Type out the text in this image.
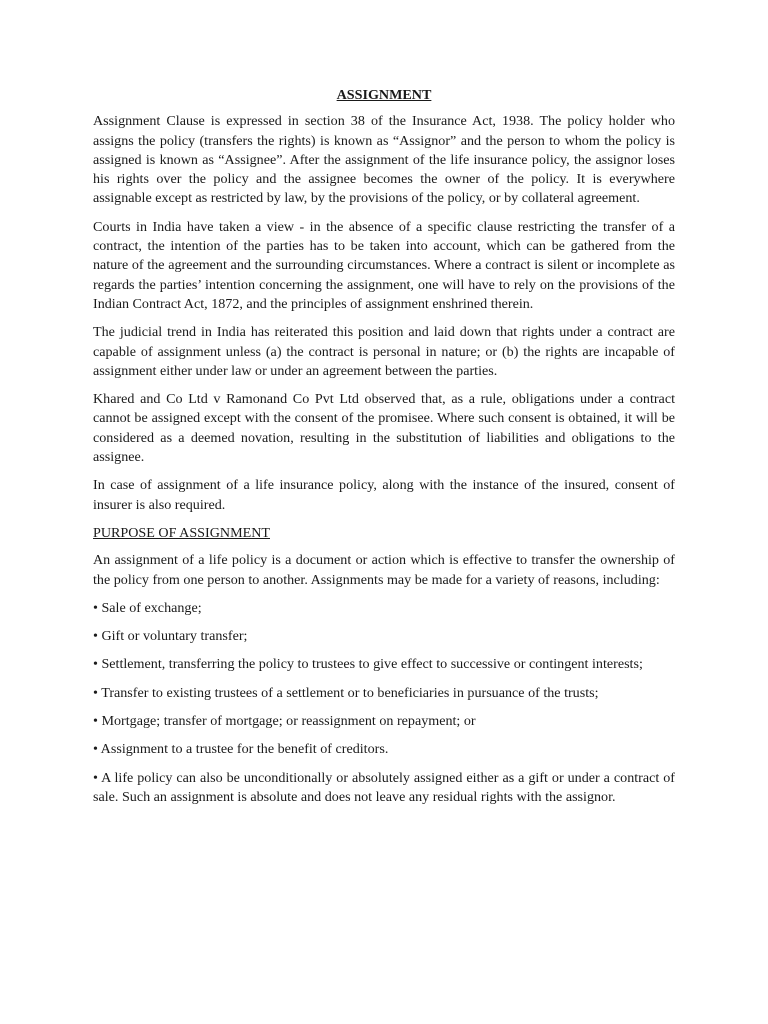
ASSIGNMENT

Assignment Clause is expressed in section 38 of the Insurance Act, 1938. The policy holder who assigns the policy (transfers the rights) is known as “Assignor” and the person to whom the policy is assigned is known as “Assignee”. After the assignment of the life insurance policy, the assignor loses his rights over the policy and the assignee becomes the owner of the policy. It is everywhere assignable except as restricted by law, by the provisions of the policy, or by collateral agreement.

Courts in India have taken a view - in the absence of a specific clause restricting the transfer of a contract, the intention of the parties has to be taken into account, which can be gathered from the nature of the agreement and the surrounding circumstances. Where a contract is silent or incomplete as regards the parties’ intention concerning the assignment, one will have to rely on the provisions of the Indian Contract Act, 1872, and the principles of assignment enshrined therein.

The judicial trend in India has reiterated this position and laid down that rights under a contract are capable of assignment unless (a) the contract is personal in nature; or (b) the rights are incapable of assignment either under law or under an agreement between the parties.

Khared and Co Ltd v Ramonand Co Pvt Ltd observed that, as a rule, obligations under a contract cannot be assigned except with the consent of the promisee. Where such consent is obtained, it will be considered as a deemed novation, resulting in the substitution of liabilities and obligations to the assignee.

In case of assignment of a life insurance policy, along with the instance of the insured, consent of insurer is also required.

PURPOSE OF ASSIGNMENT

An assignment of a life policy is a document or action which is effective to transfer the ownership of the policy from one person to another. Assignments may be made for a variety of reasons, including:

• Sale of exchange;

• Gift or voluntary transfer;

• Settlement, transferring the policy to trustees to give effect to successive or contingent interests;

• Transfer to existing trustees of a settlement or to beneficiaries in pursuance of the trusts;

• Mortgage; transfer of mortgage; or reassignment on repayment; or

• Assignment to a trustee for the benefit of creditors.

• A life policy can also be unconditionally or absolutely assigned either as a gift or under a contract of sale. Such an assignment is absolute and does not leave any residual rights with the assignor.
